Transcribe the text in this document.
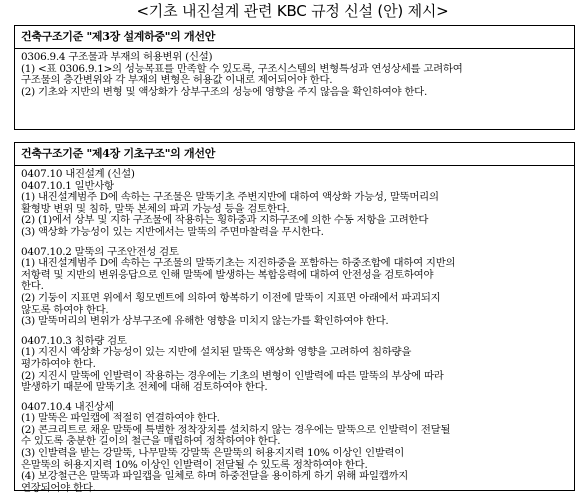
<기초 내진설계 관련 KBC 규정 신설 (안) 제시>
건축구조기준 "제3장 설계하중"의 개선안
0306.9.4 구조물과 부재의 허용변위 (신설)
(1) <표 0306.9.1>의 성능목표를 만족할 수 있도록, 구조시스템의 변형특성과 연성상세를 고려하여
구조물의 층간변위와 각 부재의 변형은 허용값 이내로 제어되어야 한다.
(2) 기초와 지반의 변형 및 액상화가 상부구조의 성능에 영향을 주지 않음을 확인하여야 한다.
건축구조기준 "제4장 기초구조"의 개선안
0407.10 내진설계 (신설)
0407.10.1 일반사항
(1) 내진설계범주 D에 속하는 구조물은 말뚝기초 주변지반에 대하여 액상화 가능성, 말뚝머리의
활형방 변위 및 침하, 말뚝 본체의 파괴 가능성 등을 검토한다.
(2) (1)에서 상부 및 지하 구조물에 작용하는 횡하중과 지하구조에 의한 수동 저항을 고려한다
(3) 액상화 가능성이 있는 지반에서는 말뚝의 주면마찰력을 무시한다.
0407.10.2 말뚝의 구조안전성 검토
(1) 내진설계범주 D에 속하는 구조물의 말뚝기초는 지진하중을 포함하는 하중조합에 대하여 지반의
저항력 및 지반의 변위응답으로 인해 말뚝에 발생하는 복합응력에 대하여 안전성을 검토하여야
한다.
(2) 기둥이 지표면 위에서 횡모멘트에 의하여 항복하기 이전에 말뚝이 지표면 아래에서 파괴되지
않도록 하여야 한다.
(3) 말뚝머리의 변위가 상부구조에 유해한 영향을 미치지 않는가를 확인하여야 한다.
0407.10.3 침하량 검토
(1) 지진시 액상화 가능성이 있는 지반에 설치된 말뚝은 액상화 영향을 고려하여 침하량을
평가하여야 한다.
(2) 지진시 말뚝에 인발력이 작용하는 경우에는 기초의 변형이 인발력에 따른 말뚝의 부상에 따라
발생하기 때문에 말뚝기초 전체에 대해 검토하여야 한다.
0407.10.4 내진상세
(1) 말뚝은 파일캡에 적절히 연결하여야 한다.
(2) 콘크리트로 채운 말뚝에 특별한 정착장치를 설치하지 않는 경우에는 말뚝으로 인발력이 전달될
수 있도록 충분한 길이의 철근을 매립하여 정착하여야 한다.
(3) 인발력을 받는 강말뚝, 나무말뚝 강말뚝 은말뚝의 허용지지력 10% 이상인 인발력이
은말뚝의 허용지지력 10% 이상인 인발력이 전달될 수 있도록 정착하여야 한다.
(4) 보강철근은 말뚝과 파일캡을 일체로 하며 하중전달을 용이하게 하기 위해 파일캡까지
연장되어야 한다.
